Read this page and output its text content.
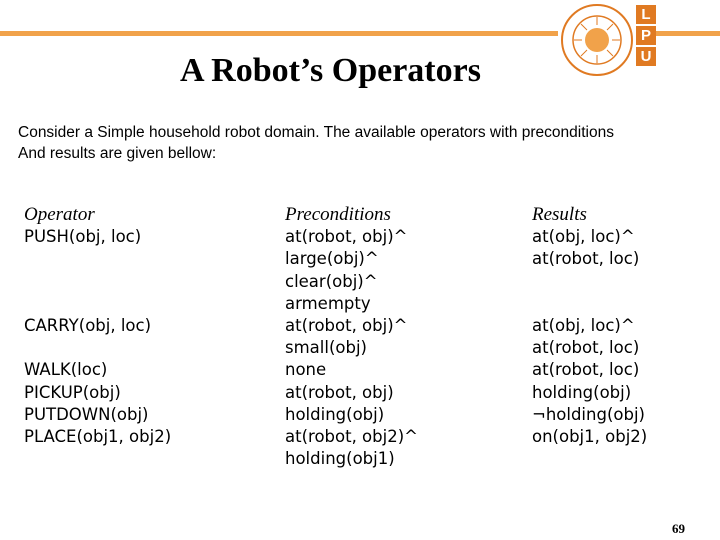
L
P
U
A Robot’s Operators
Consider a Simple household robot domain. The available operators with preconditions
And results are given bellow:
Operator
PUSH(obj, loc)

CARRY(obj, loc)

WALK(loc)
PICKUP(obj)
PUTDOWN(obj)
PLACE(obj1, obj2)
Preconditions
at(robot, obj)^
large(obj)^
clear(obj)^
armempty
at(robot, obj)^
small(obj)
none
at(robot, obj)
holding(obj)
at(robot, obj2)^
holding(obj1)
Results
at(obj, loc)^
at(robot, loc)

at(obj, loc)^
at(robot, loc)
at(robot, loc)
holding(obj)
¬holding(obj)
on(obj1, obj2)
69
